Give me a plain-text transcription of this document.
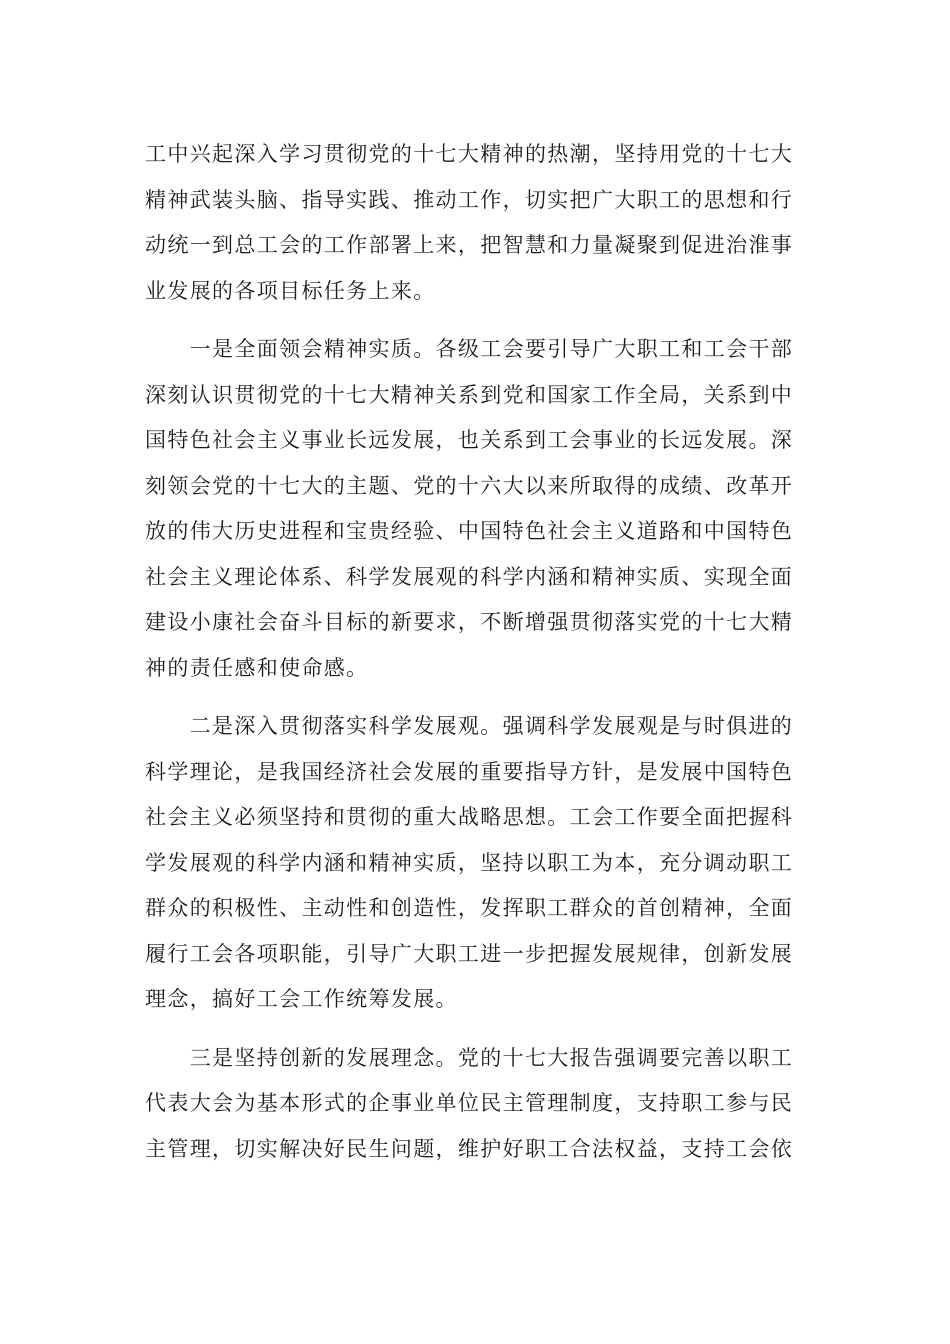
工中兴起深入学习贯彻党的十七大精神的热潮，坚持用党的十七大
精神武装头脑、指导实践、推动工作，切实把广大职工的思想和行
动统一到总工会的工作部署上来，把智慧和力量凝聚到促进治淮事
业发展的各项目标任务上来。
　　一是全面领会精神实质。各级工会要引导广大职工和工会干部
深刻认识贯彻党的十七大精神关系到党和国家工作全局，关系到中
国特色社会主义事业长远发展，也关系到工会事业的长远发展。深
刻领会党的十七大的主题、党的十六大以来所取得的成绩、改革开
放的伟大历史进程和宝贵经验、中国特色社会主义道路和中国特色
社会主义理论体系、科学发展观的科学内涵和精神实质、实现全面
建设小康社会奋斗目标的新要求，不断增强贯彻落实党的十七大精
神的责任感和使命感。
　　二是深入贯彻落实科学发展观。强调科学发展观是与时俱进的
科学理论，是我国经济社会发展的重要指导方针，是发展中国特色
社会主义必须坚持和贯彻的重大战略思想。工会工作要全面把握科
学发展观的科学内涵和精神实质，坚持以职工为本，充分调动职工
群众的积极性、主动性和创造性，发挥职工群众的首创精神，全面
履行工会各项职能，引导广大职工进一步把握发展规律，创新发展
理念，搞好工会工作统筹发展。
　　三是坚持创新的发展理念。党的十七大报告强调要完善以职工
代表大会为基本形式的企事业单位民主管理制度，支持职工参与民
主管理，切实解决好民生问题，维护好职工合法权益，支持工会依
